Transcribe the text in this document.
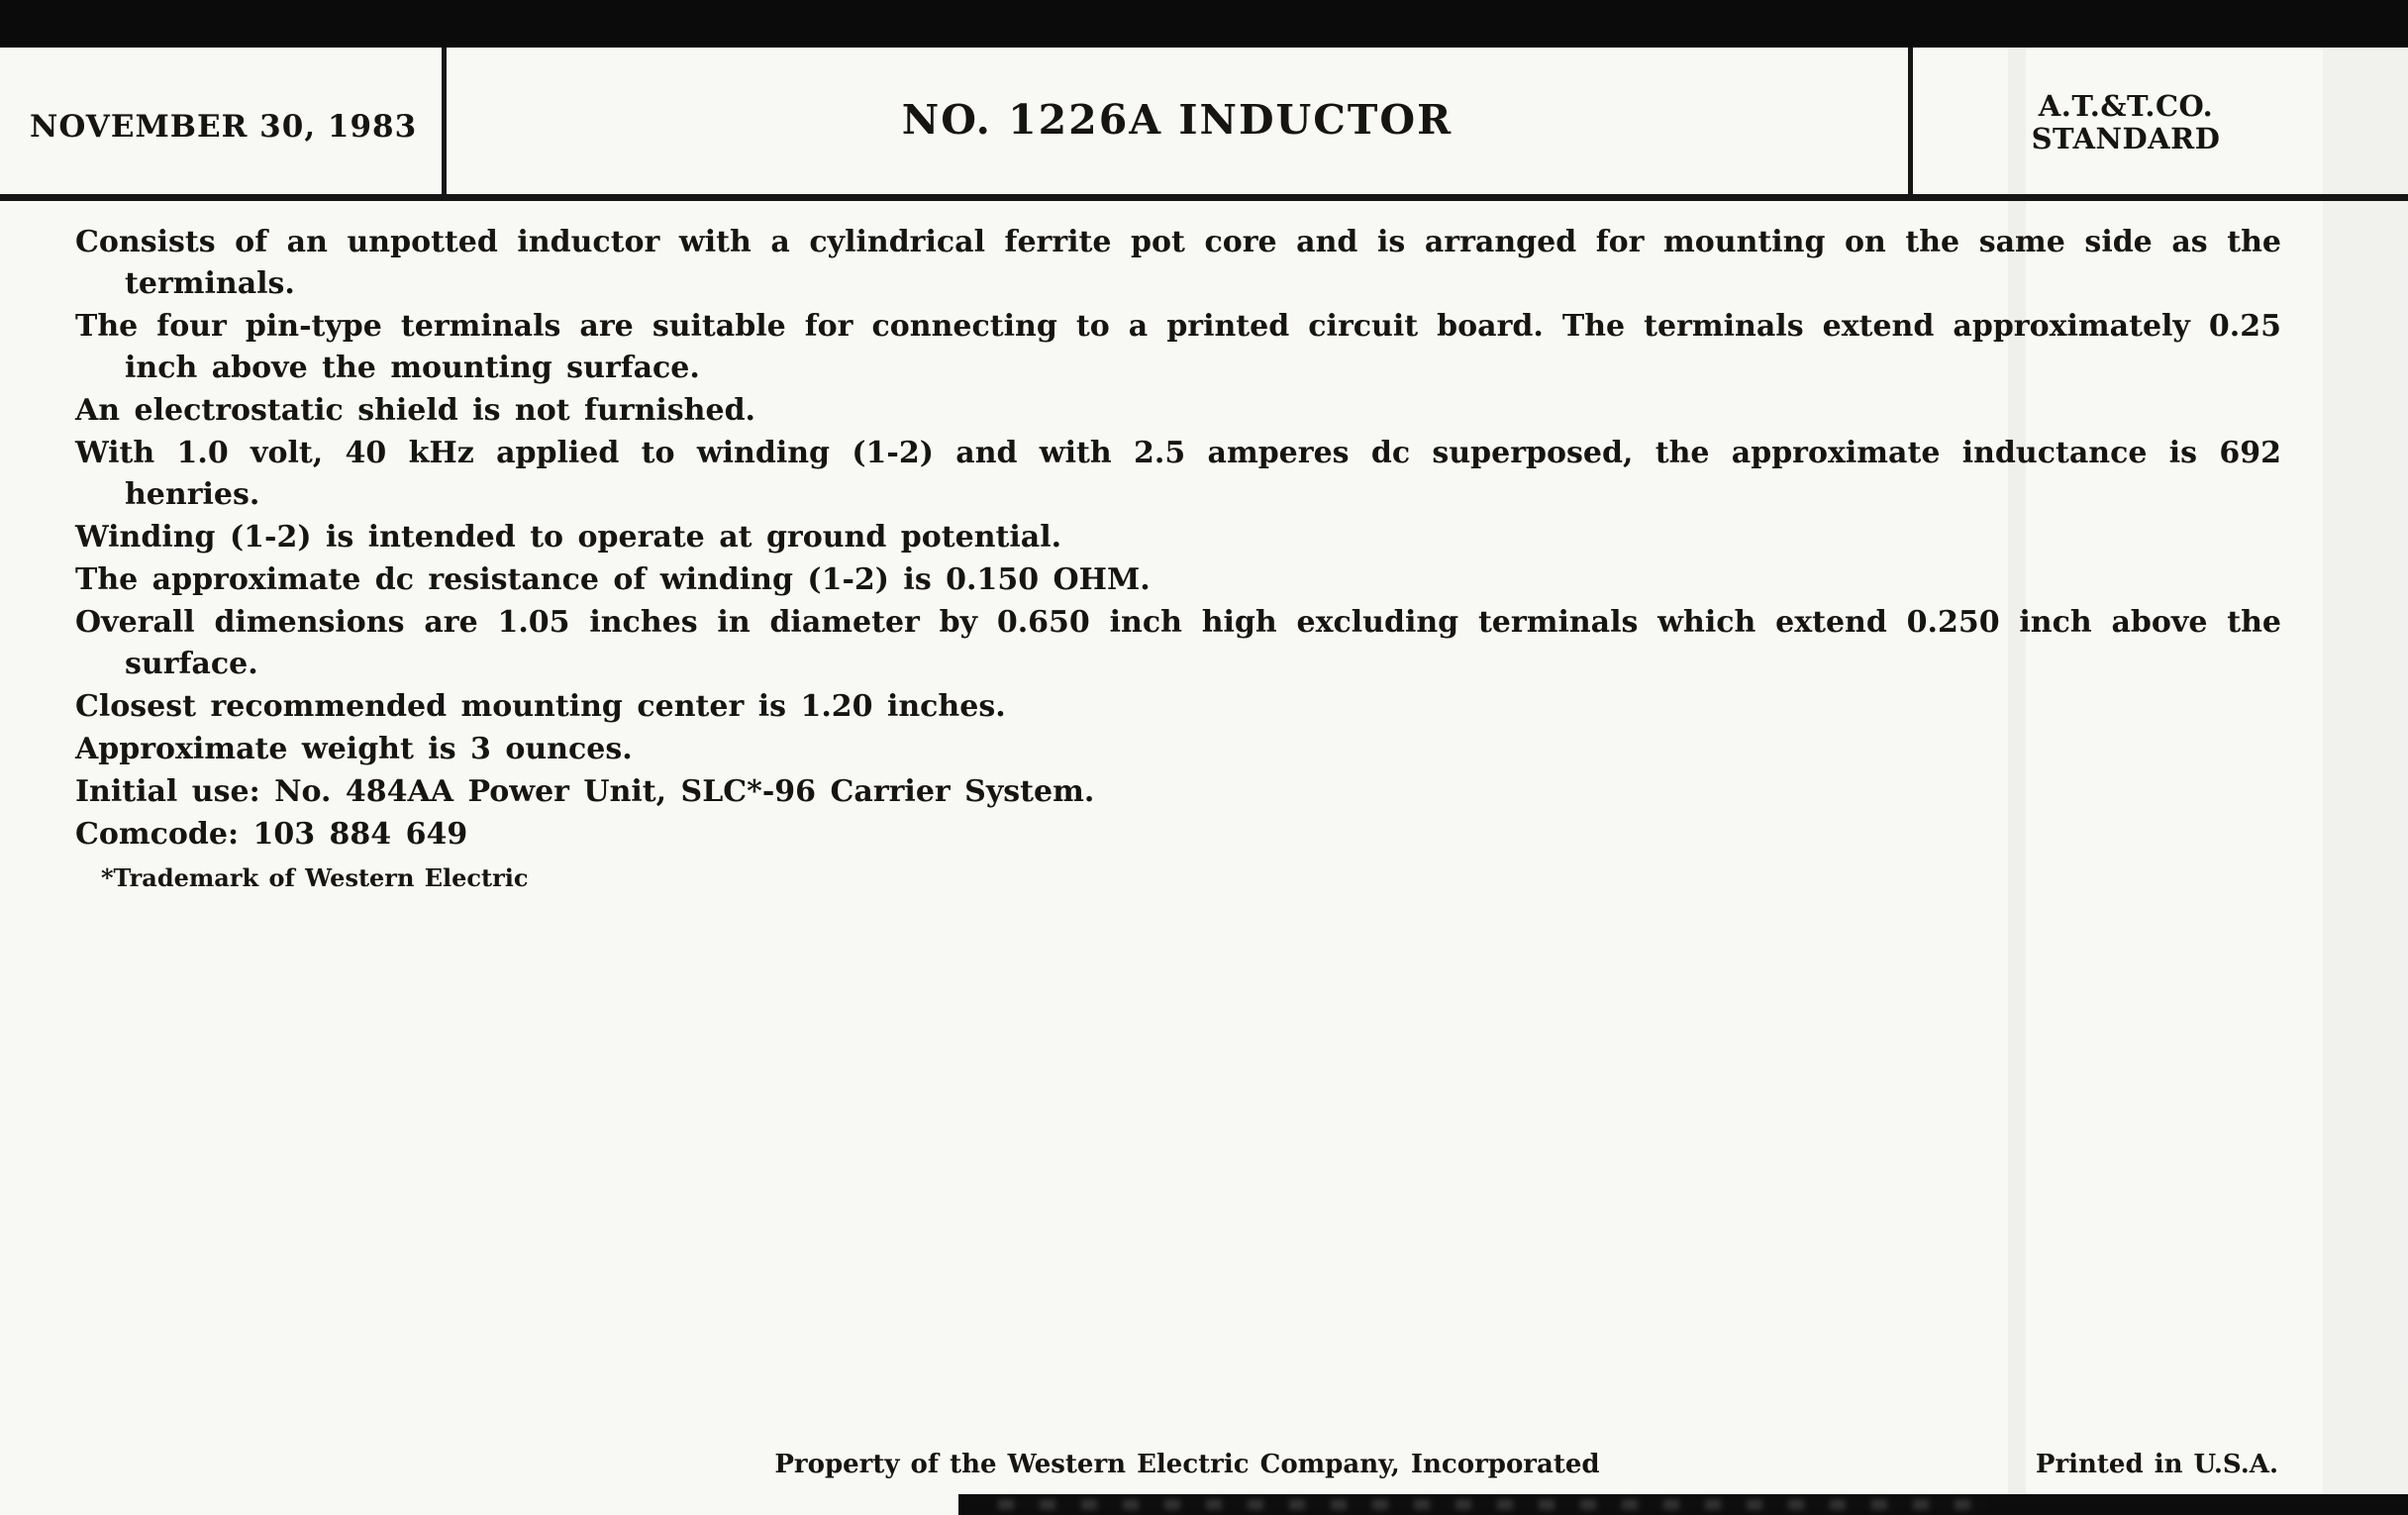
NOVEMBER 30, 1983	NO. 1226A INDUCTOR	A.T.&T.CO.
STANDARD

Consists of an unpotted inductor with a cylindrical ferrite pot core and is arranged for mounting on the same side as the terminals.

The four pin-type terminals are suitable for connecting to a printed circuit board. The terminals extend approximately 0.25 inch above the mounting surface.

An electrostatic shield is not furnished.

With 1.0 volt, 40 kHz applied to winding (1-2) and with 2.5 amperes dc superposed, the approximate inductance is 692 henries.

Winding (1-2) is intended to operate at ground potential.

The approximate dc resistance of winding (1-2) is 0.150 OHM.

Overall dimensions are 1.05 inches in diameter by 0.650 inch high excluding terminals which extend 0.250 inch above the surface.

Closest recommended mounting center is 1.20 inches.

Approximate weight is 3 ounces.

Initial use: No. 484AA Power Unit, SLC*-96 Carrier System.

Comcode: 103 884 649

*Trademark of Western Electric

Property of the Western Electric Company, Incorporated	Printed in U.S.A.
